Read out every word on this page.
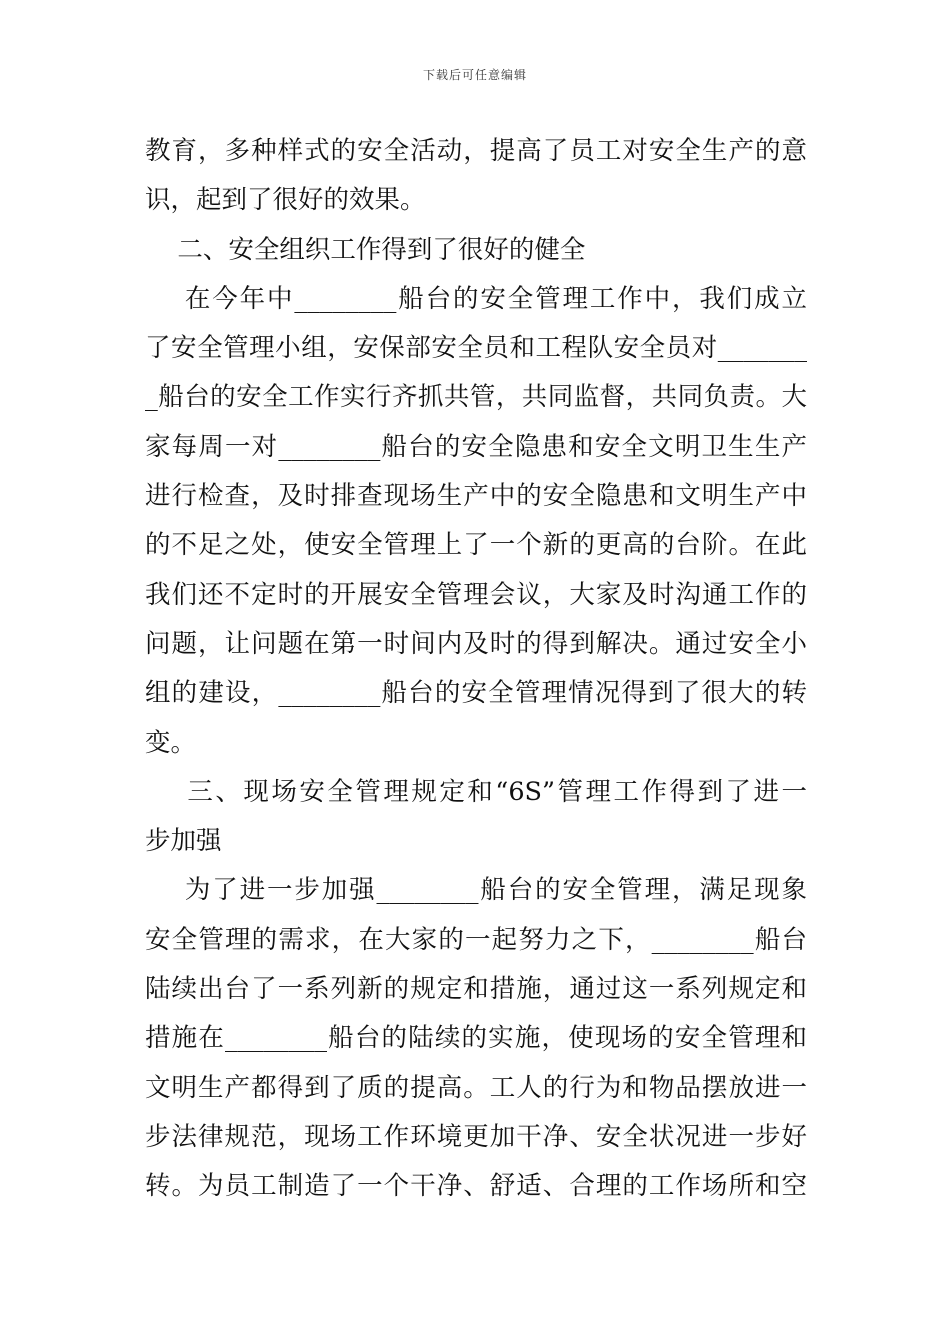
下载后可任意编辑
教育，多种样式的安全活动，提高了员工对安全生产的意
识，起到了很好的效果。
二、安全组织工作得到了很好的健全
在今年中________船台的安全管理工作中，我们成立
了安全管理小组，安保部安全员和工程队安全员对_______
_船台的安全工作实行齐抓共管，共同监督，共同负责。大
家每周一对________船台的安全隐患和安全文明卫生生产
进行检查，及时排查现场生产中的安全隐患和文明生产中
的不足之处，使安全管理上了一个新的更高的台阶。在此
我们还不定时的开展安全管理会议，大家及时沟通工作的
问题，让问题在第一时间内及时的得到解决。通过安全小
组的建设，________船台的安全管理情况得到了很大的转
变。
三、现场安全管理规定和“6S”管理工作得到了进一
步加强
为了进一步加强________船台的安全管理，满足现象
安全管理的需求，在大家的一起努力之下，________船台
陆续出台了一系列新的规定和措施，通过这一系列规定和
措施在________船台的陆续的实施，使现场的安全管理和
文明生产都得到了质的提高。工人的行为和物品摆放进一
步法律规范，现场工作环境更加干净、安全状况进一步好
转。为员工制造了一个干净、舒适、合理的工作场所和空
